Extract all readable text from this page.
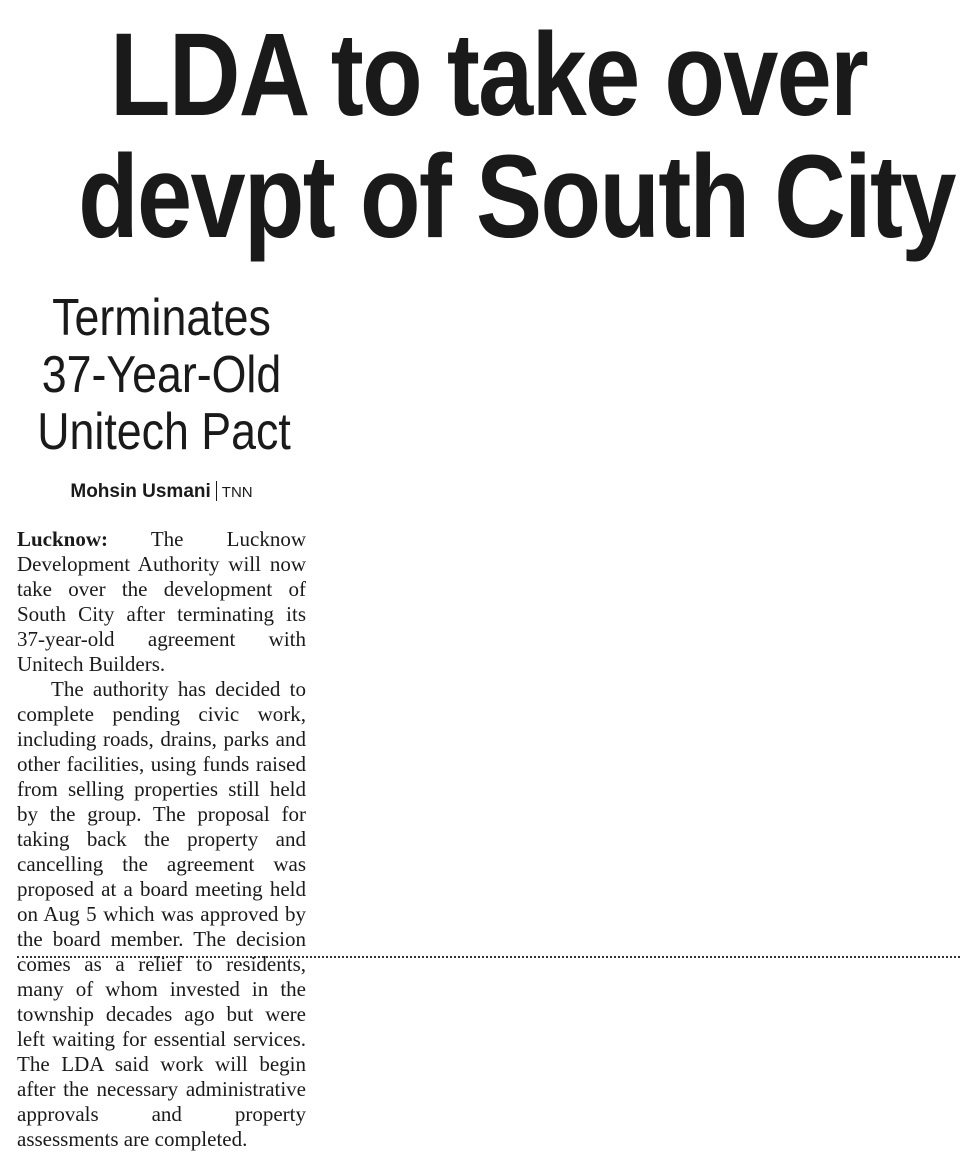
LDA to take over
devpt of South City
Terminates
37-Year-Old
Unitech Pact
Mohsin Usmani TNN

Lucknow: The Lucknow Development Authority will now take over the development of South City after terminating its 37-year-old agreement with Unitech Builders.

The authority has decided to complete pending civic work, including roads, drains, parks and other facilities, using funds raised from selling properties still held by the group. The proposal for taking back the property and cancelling the agreement was proposed at a board meeting held on Aug 5 which was approved by the board member. The decision comes as a relief to residents, many of whom invested in the township decades ago but were left waiting for essential services. The LDA said work will begin after the necessary administrative approvals and property assessments are completed.
